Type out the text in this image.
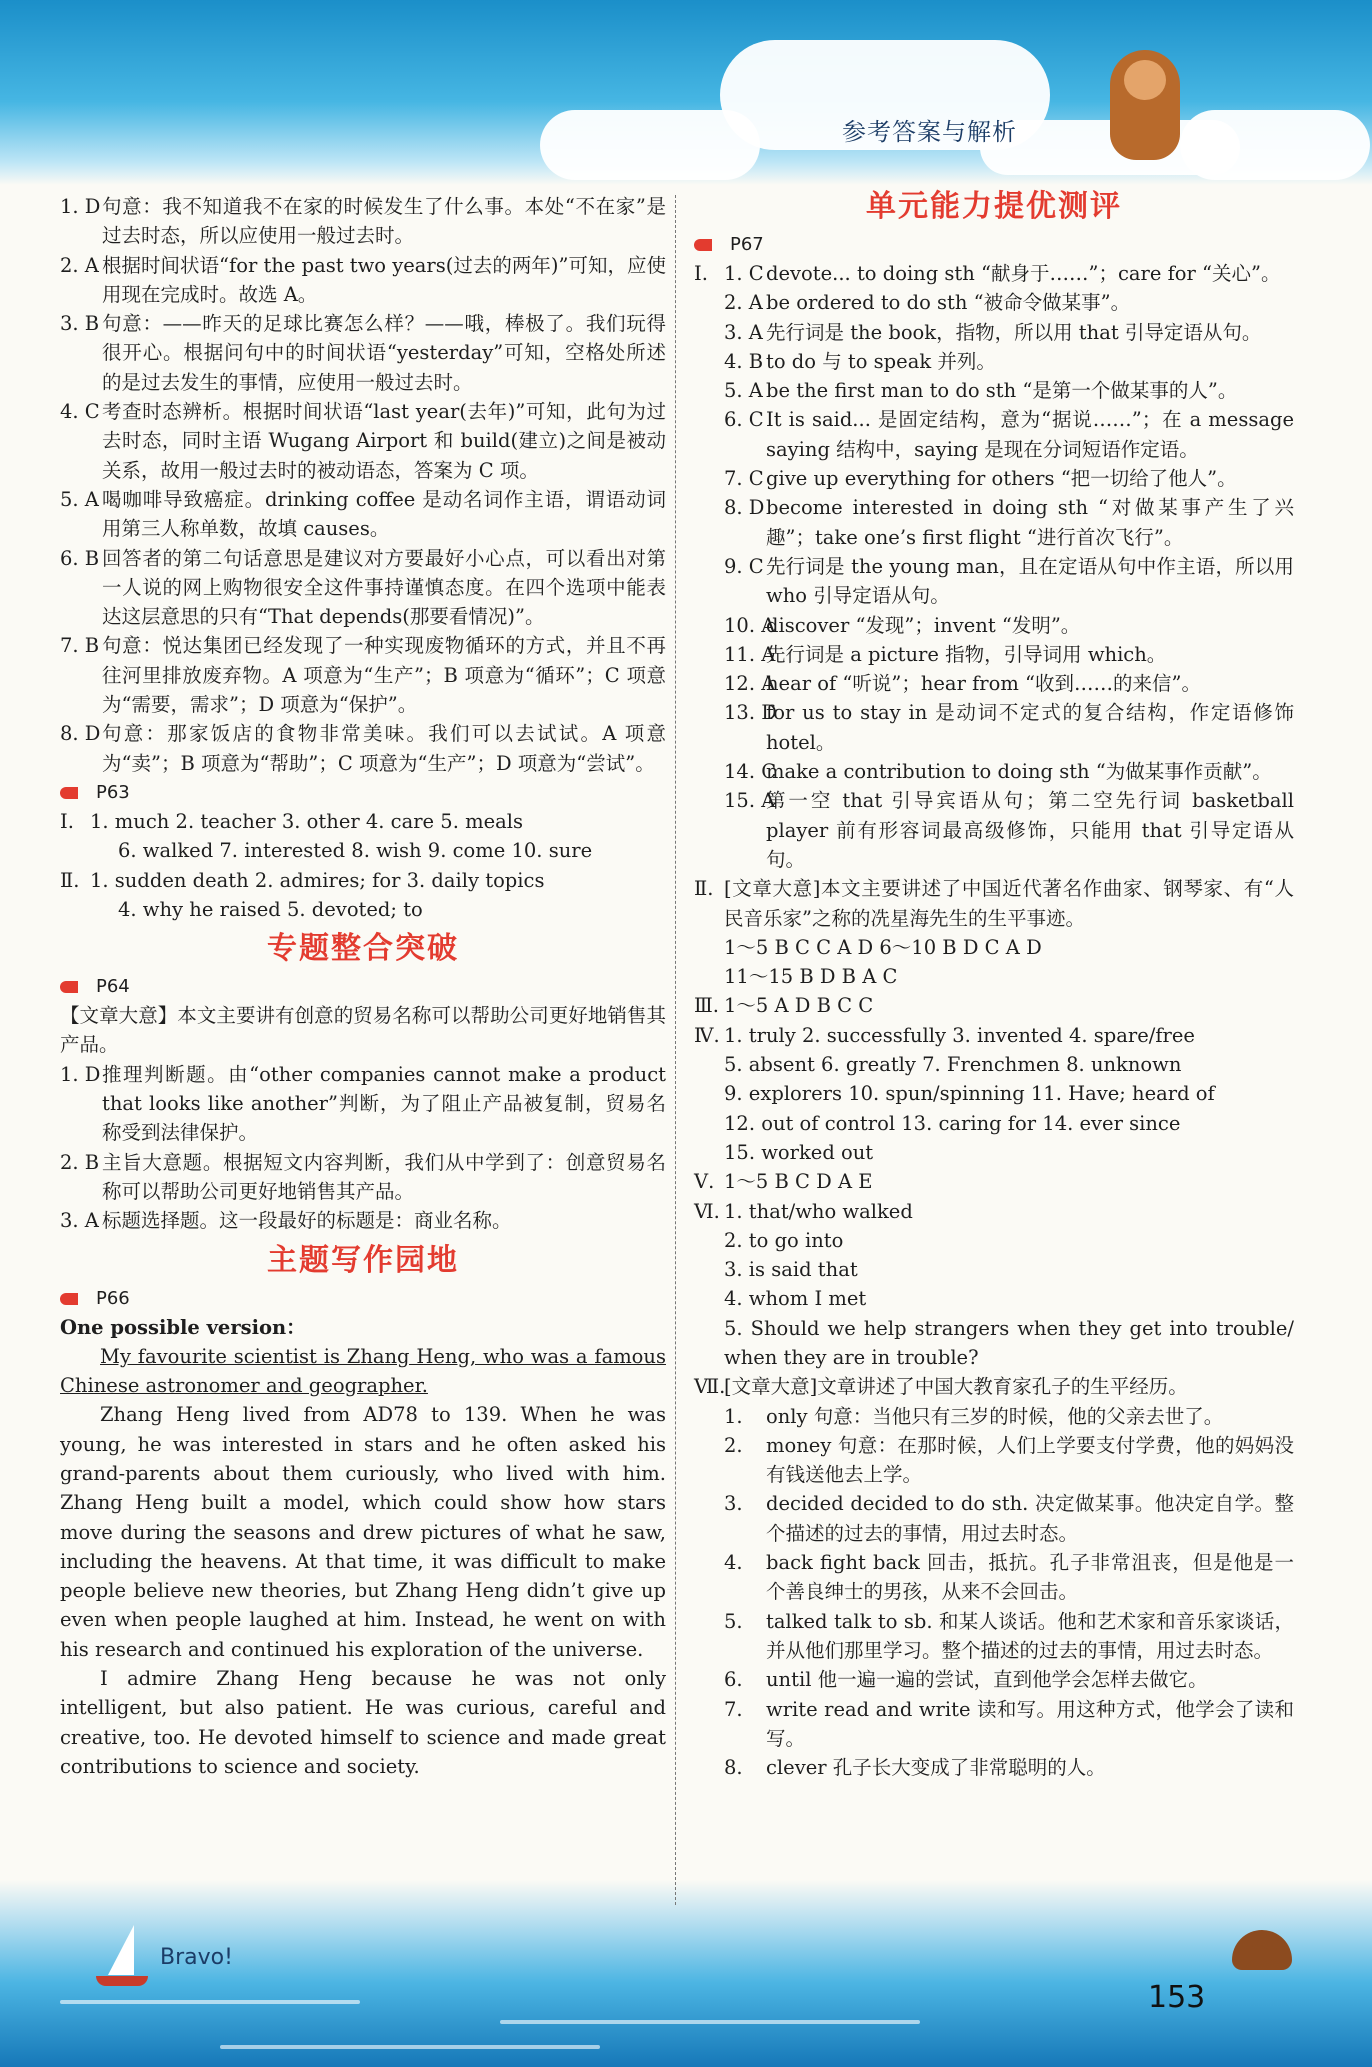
参考答案与解析
Bravo!
153
1. D 句意：我不知道我不在家的时候发生了什么事。本处“不在家”是过去时态，所以应使用一般过去时。
2. A 根据时间状语“for the past two years(过去的两年)”可知，应使用现在完成时。故选 A。
3. B 句意：——昨天的足球比赛怎么样？——哦，棒极了。我们玩得很开心。根据问句中的时间状语“yesterday”可知，空格处所述的是过去发生的事情，应使用一般过去时。
4. C 考查时态辨析。根据时间状语“last year(去年)”可知，此句为过去时态，同时主语 Wugang Airport 和 build(建立)之间是被动关系，故用一般过去时的被动语态，答案为 C 项。
5. A 喝咖啡导致癌症。drinking coffee 是动名词作主语，谓语动词用第三人称单数，故填 causes。
6. B 回答者的第二句话意思是建议对方要最好小心点，可以看出对第一人说的网上购物很安全这件事持谨慎态度。在四个选项中能表达这层意思的只有“That depends(那要看情况)”。
7. B 句意：悦达集团已经发现了一种实现废物循环的方式，并且不再往河里排放废弃物。A 项意为“生产”；B 项意为“循环”；C 项意为“需要，需求”；D 项意为“保护”。
8. D 句意：那家饭店的食物非常美味。我们可以去试试。A 项意为“卖”；B 项意为“帮助”；C 项意为“生产”；D 项意为“尝试”。
P63
Ⅰ. 1. much 2. teacher 3. other 4. care 5. meals
6. walked 7. interested 8. wish 9. come 10. sure
Ⅱ. 1. sudden death 2. admires; for 3. daily topics
4. why he raised 5. devoted; to
专题整合突破
P64
【文章大意】本文主要讲有创意的贸易名称可以帮助公司更好地销售其产品。
1. D 推理判断题。由“other companies cannot make a product that looks like another”判断，为了阻止产品被复制，贸易名称受到法律保护。
2. B 主旨大意题。根据短文内容判断，我们从中学到了：创意贸易名称可以帮助公司更好地销售其产品。
3. A 标题选择题。这一段最好的标题是：商业名称。
主题写作园地
P66
One possible version：

My favourite scientist is Zhang Heng, who was a famous Chinese astronomer and geographer.

Zhang Heng lived from AD78 to 139. When he was young, he was interested in stars and he often asked his grand-parents about them curiously, who lived with him. Zhang Heng built a model, which could show how stars move during the seasons and drew pictures of what he saw, including the heavens. At that time, it was difficult to make people believe new theories, but Zhang Heng didn’t give up even when people laughed at him. Instead, he went on with his research and continued his exploration of the universe.

I admire Zhang Heng because he was not only intelligent, but also patient. He was curious, careful and creative, too. He devoted himself to science and made great contributions to science and society.

单元能力提优测评
P67
Ⅰ. 1. C devote... to doing sth “献身于……”；care for “关心”。
2. A be ordered to do sth “被命令做某事”。
3. A 先行词是 the book，指物，所以用 that 引导定语从句。
4. B to do 与 to speak 并列。
5. A be the first man to do sth “是第一个做某事的人”。
6. C It is said... 是固定结构，意为“据说……”；在 a message saying 结构中，saying 是现在分词短语作定语。
7. C give up everything for others “把一切给了他人”。
8. D become interested in doing sth “对做某事产生了兴趣”；take one’s first flight “进行首次飞行”。
9. C 先行词是 the young man，且在定语从句中作主语，所以用 who 引导定语从句。
10. A
discover “发现”；invent “发明”。
11. A
先行词是 a picture 指物，引导词用 which。
12. A
hear of “听说”；hear from “收到……的来信”。
13. D
for us to stay in 是动词不定式的复合结构，作定语修饰 hotel。
14. C
make a contribution to doing sth “为做某事作贡献”。
15. A
第一空 that 引导宾语从句；第二空先行词 basketball player 前有形容词最高级修饰，只能用 that 引导定语从句。
Ⅱ. [文章大意]本文主要讲述了中国近代著名作曲家、钢琴家、有“人民音乐家”之称的冼星海先生的生平事迹。
1～5 B C C A D 6～10 B D C A D
11～15 B D B A C
Ⅲ. 1～5 A D B C C
Ⅳ. 1. truly 2. successfully 3. invented 4. spare/free
5. absent 6. greatly 7. Frenchmen 8. unknown
9. explorers 10. spun/spinning 11. Have; heard of
12. out of control 13. caring for 14. ever since
15. worked out
Ⅴ. 1～5 B C D A E
Ⅵ. 1. that/who walked
2. to go into
3. is said that
4. whom I met
5. Should we help strangers when they get into trouble/ when they are in trouble?
Ⅶ.
[文章大意]文章讲述了中国大教育家孔子的生平经历。
1. only 句意：当他只有三岁的时候，他的父亲去世了。
2. money 句意：在那时候，人们上学要支付学费，他的妈妈没有钱送他去上学。
3. decided decided to do sth. 决定做某事。他决定自学。整个描述的过去的事情，用过去时态。
4. back fight back 回击，抵抗。孔子非常沮丧，但是他是一个善良绅士的男孩，从来不会回击。
5. talked talk to sb. 和某人谈话。他和艺术家和音乐家谈话，并从他们那里学习。整个描述的过去的事情，用过去时态。
6. until 他一遍一遍的尝试，直到他学会怎样去做它。
7. write read and write 读和写。用这种方式，他学会了读和写。
8. clever 孔子长大变成了非常聪明的人。
